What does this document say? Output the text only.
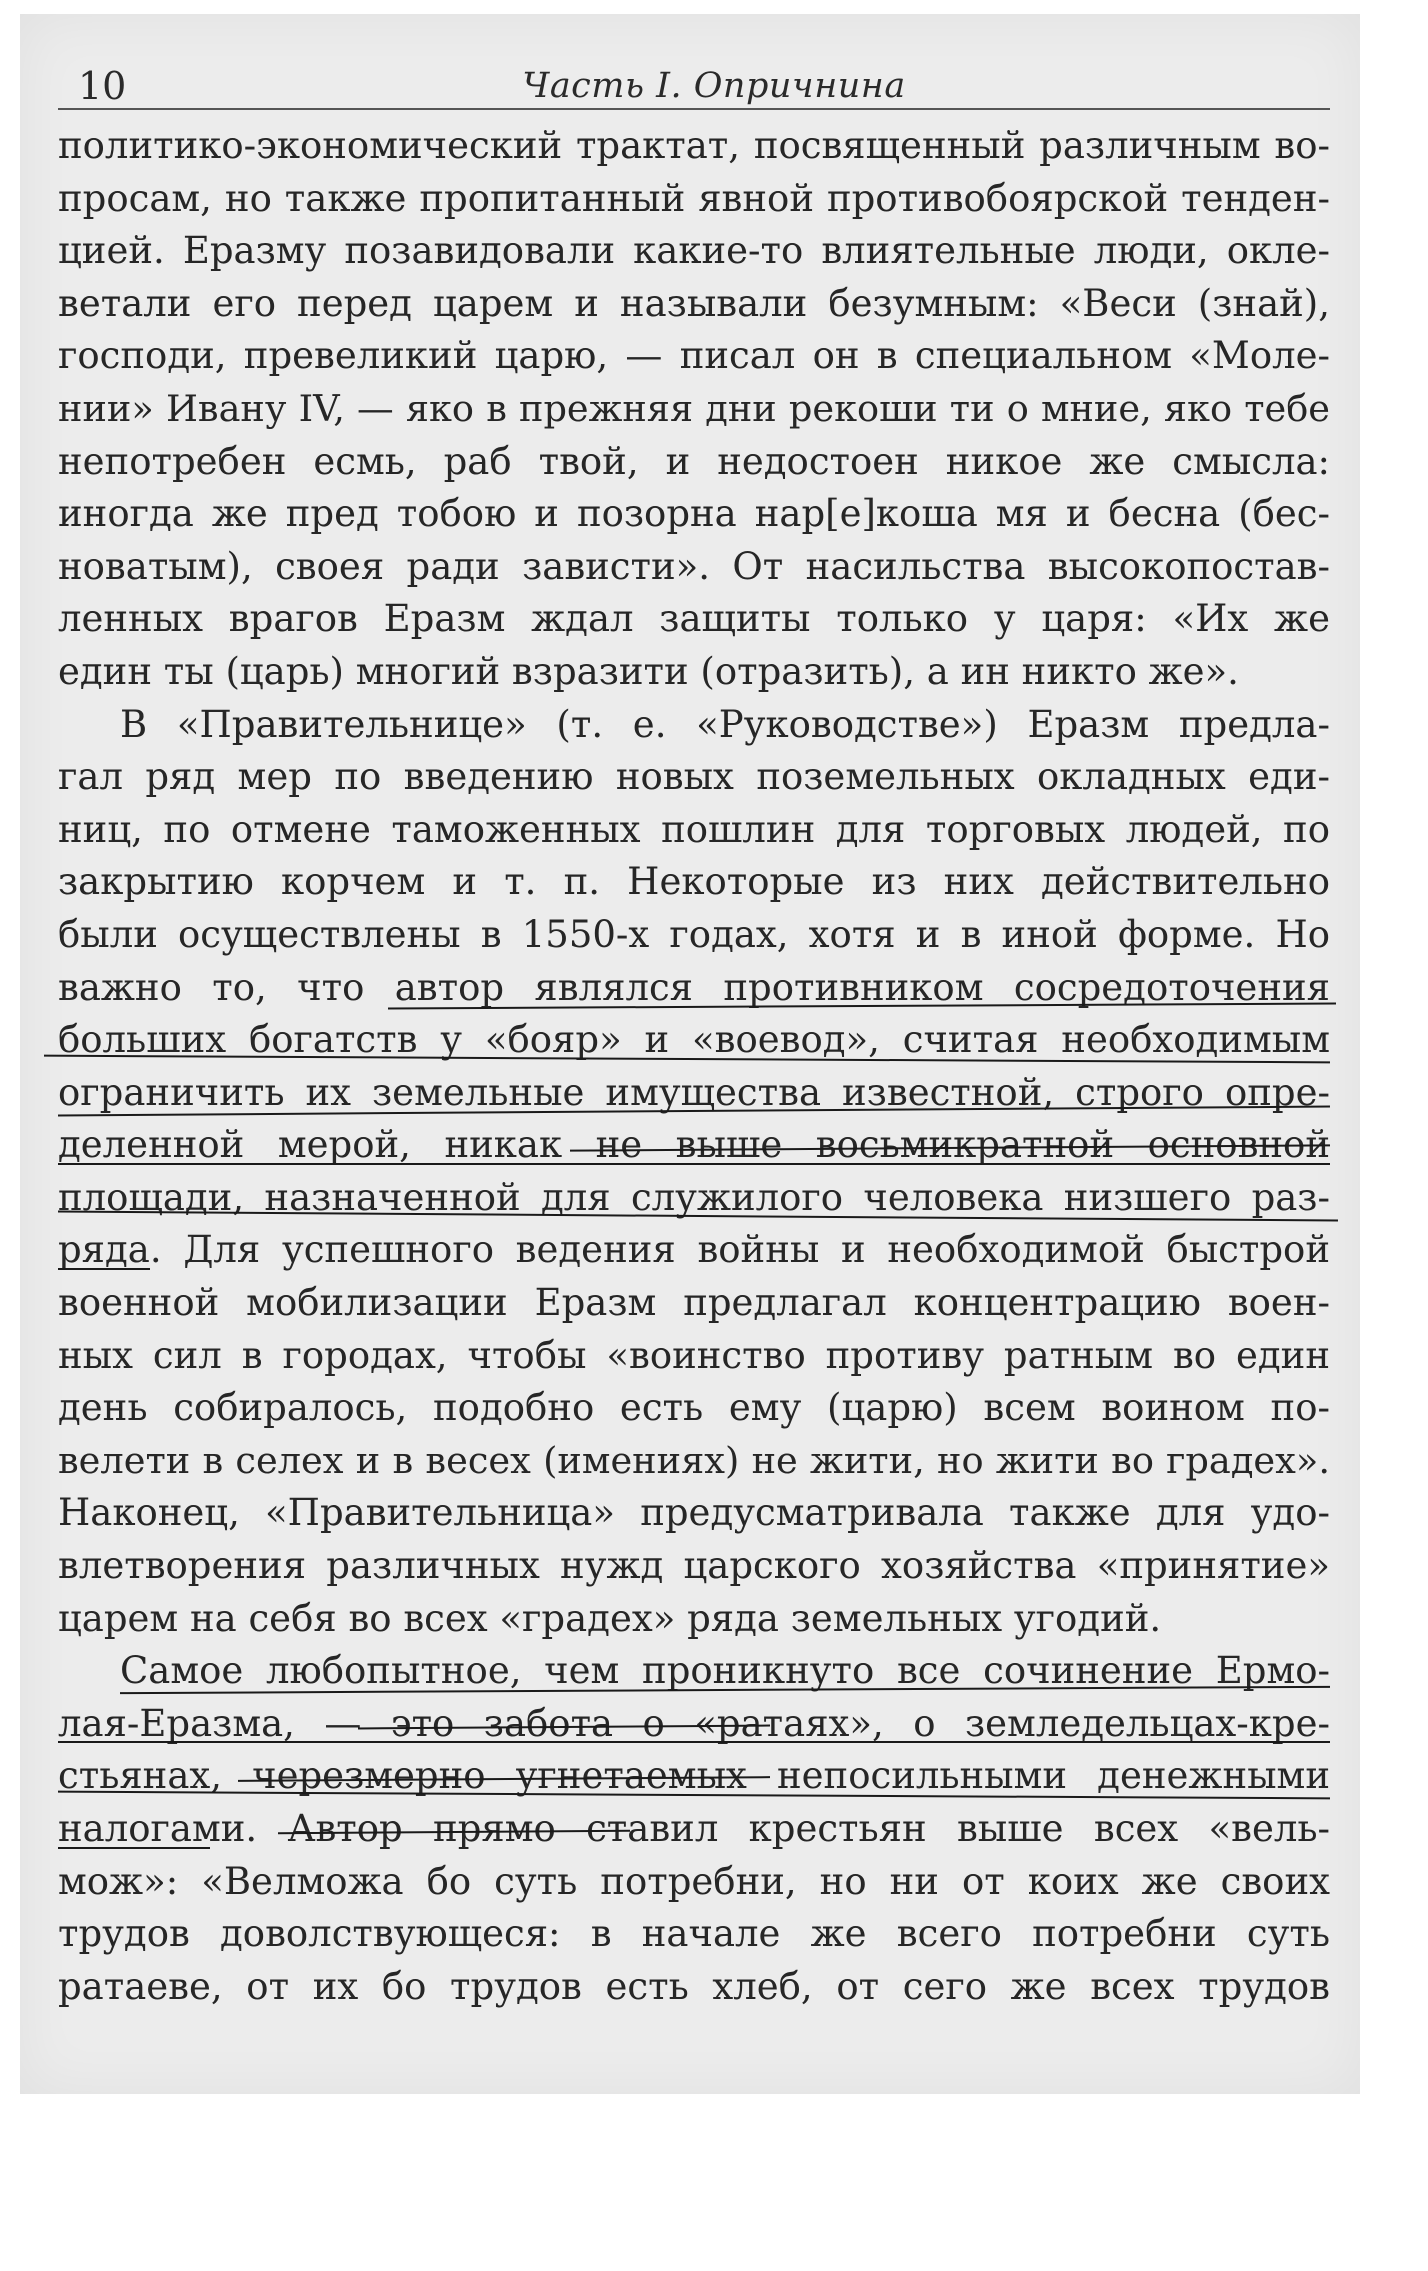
10	Часть I. Опричнина
политико-экономический трактат, посвященный различным во-
просам, но также пропитанный явной противобоярской тенден-
цией. Еразму позавидовали какие-то влиятельные люди, окле-
ветали его перед царем и называли безумным: «Веси (знай),
господи, превеликий царю, — писал он в специальном «Моле-
нии» Ивану IV, — яко в прежняя дни рекоши ти о мние, яко тебе
непотребен есмь, раб твой, и недостоен никое же смысла:
иногда же пред тобою и позорна нар[е]коша мя и бесна (бес-
новатым), своея ради зависти». От насильства высокопостав-
ленных врагов Еразм ждал защиты только у царя: «Их же
един ты (царь) многий взразити (отразить), а ин никто же».
В «Правительнице» (т. е. «Руководстве») Еразм предла-
гал ряд мер по введению новых поземельных окладных еди-
ниц, по отмене таможенных пошлин для торговых людей, по
закрытию корчем и т. п. Некоторые из них действительно
были осуществлены в 1550-х годах, хотя и в иной форме. Но
важно то, что автор являлся противником сосредоточения
больших богатств у «бояр» и «воевод», считая необходимым
ограничить их земельные имущества известной, строго опре-
деленной мерой, никак не выше восьмикратной основной
площади, назначенной для служилого человека низшего раз-
ряда. Для успешного ведения войны и необходимой быстрой
военной мобилизации Еразм предлагал концентрацию воен-
ных сил в городах, чтобы «воинство противу ратным во един
день собиралось, подобно есть ему (царю) всем воином по-
велети в селех и в весех (имениях) не жити, но жити во градех».
Наконец, «Правительница» предусматривала также для удо-
влетворения различных нужд царского хозяйства «принятие»
царем на себя во всех «градех» ряда земельных угодий.
Самое любопытное, чем проникнуто все сочинение Ермо-
лая-Еразма, — это забота о «ратаях», о земледельцах-кре-
стьянах, черезмерно угнетаемых непосильными денежными
налогами. Автор прямо ставил крестьян выше всех «вель-
мож»: «Велможа бо суть потребни, но ни от коих же своих
трудов доволствующеся: в начале же всего потребни суть
ратаеве, от их бо трудов есть хлеб, от сего же всех трудов
